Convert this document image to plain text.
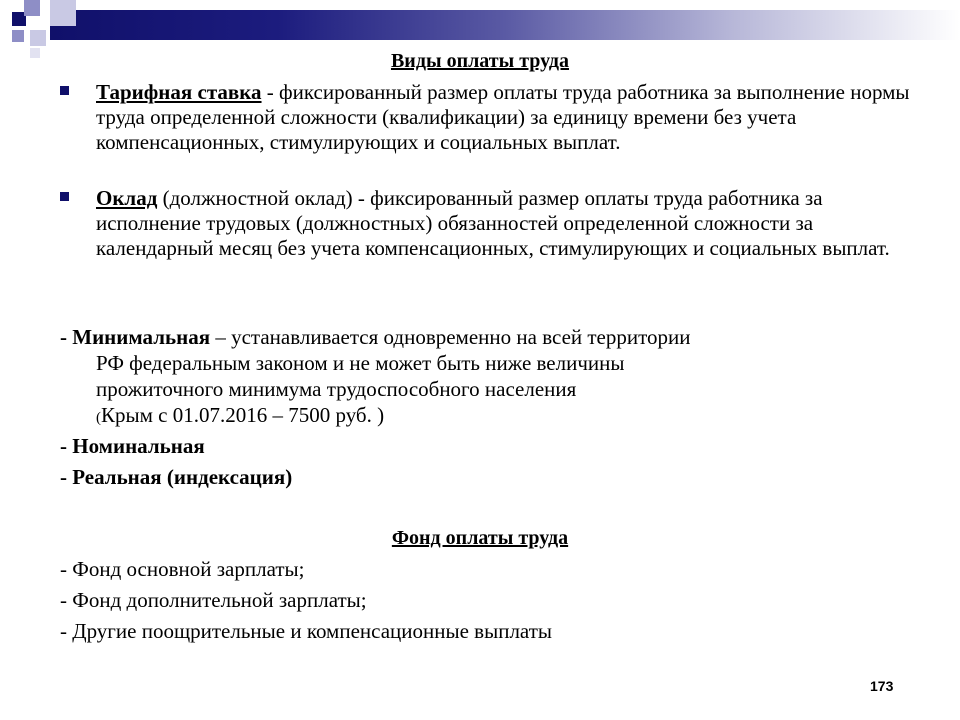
Виды оплаты труда
Тарифная ставка - фиксированный размер оплаты труда работника за выполнение нормы труда определенной сложности (квалификации) за единицу времени без учета компенсационных, стимулирующих и социальных выплат.
Оклад (должностной оклад) - фиксированный размер оплаты труда работника за исполнение трудовых (должностных) обязанностей определенной сложности за календарный месяц без учета компенсационных, стимулирующих и социальных выплат.
- Минимальная – устанавливается одновременно на всей территории
РФ федеральным законом и не может быть ниже величины
прожиточного минимума трудоспособного населения
(Крым с 01.07.2016 – 7500 руб. )
- Номинальная
- Реальная (индексация)
Фонд оплаты труда
- Фонд основной зарплаты;
- Фонд дополнительной зарплаты;
- Другие поощрительные и компенсационные выплаты
173
